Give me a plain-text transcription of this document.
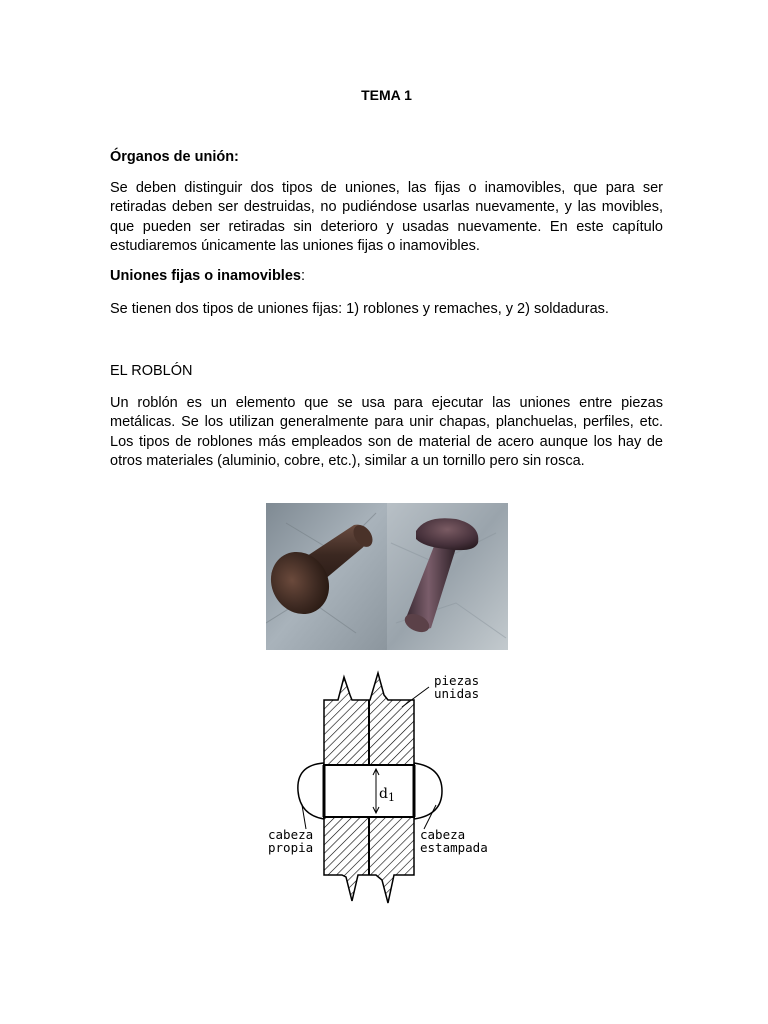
TEMA 1
Órganos de unión:

Se deben distinguir dos tipos de uniones, las fijas o inamovibles, que para ser retiradas deben ser destruidas, no pudiéndose usarlas nuevamente, y las movibles, que pueden ser retiradas sin deterioro y usadas nuevamente. En este capítulo estudiaremos únicamente las uniones fijas o inamovibles.

Uniones fijas o inamovibles:
Se tienen dos tipos de uniones fijas: 1) roblones y remaches, y 2) soldaduras.
EL ROBLÓN

Un roblón es un elemento que se usa para ejecutar las uniones entre piezas metálicas. Se los utilizan generalmente para unir chapas, planchuelas, perfiles, etc. Los tipos de roblones más empleados son de material de acero aunque los hay de otros materiales (aluminio, cobre, etc.), similar a un tornillo pero sin rosca.

$d_1$
piezas
unidas
cabeza
propia
cabeza
estampada
